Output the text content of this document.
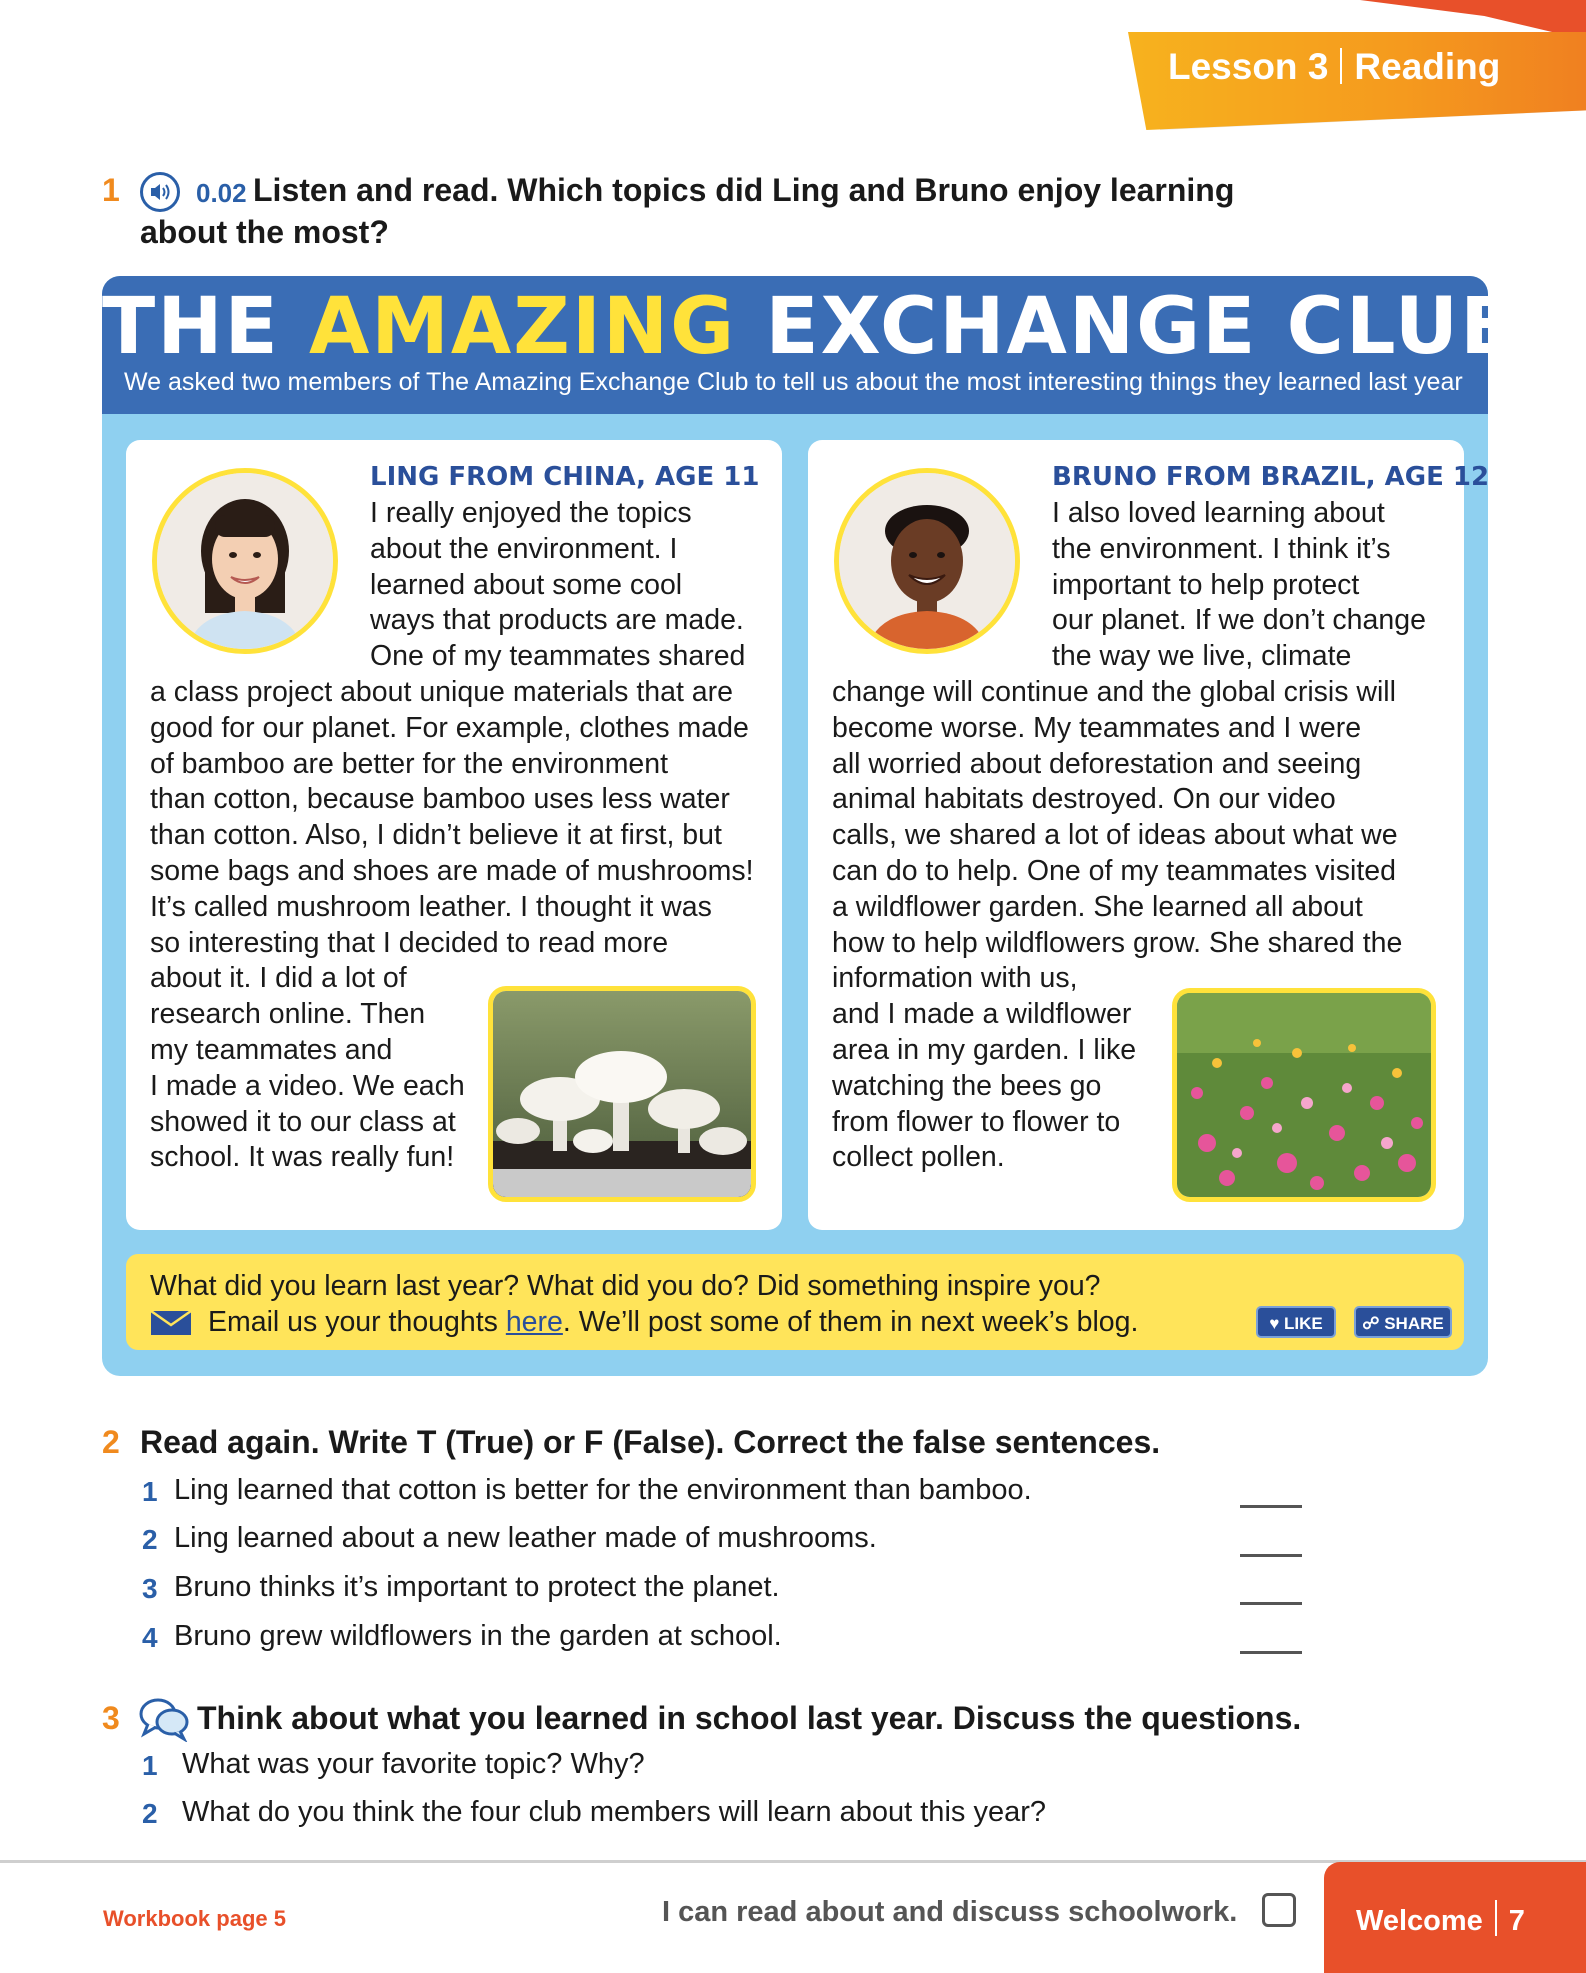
Lesson 3 Reading
1	0.02 Listen and read. Which topics did Ling and Bruno enjoy learning
about the most?
THE AMAZING EXCHANGE CLUB
We asked two members of The Amazing Exchange Club to tell us about the most interesting things they learned last year
LING FROM CHINA, AGE 11
I really enjoyed the topics
about the environment. I
learned about some cool
ways that products are made.
One of my teammates shared
a class project about unique materials that are
good for our planet. For example, clothes made
of bamboo are better for the environment
than cotton, because bamboo uses less water
than cotton. Also, I didn’t believe it at first, but
some bags and shoes are made of mushrooms!
It’s called mushroom leather. I thought it was
so interesting that I decided to read more
about it. I did a lot of
research online. Then
my teammates and
I made a video. We each
showed it to our class at
school. It was really fun!
BRUNO FROM BRAZIL, AGE 12
I also loved learning about
the environment. I think it’s
important to help protect
our planet. If we don’t change
the way we live, climate
change will continue and the global crisis will
become worse. My teammates and I were
all worried about deforestation and seeing
animal habitats destroyed. On our video
calls, we shared a lot of ideas about what we
can do to help. One of my teammates visited
a wildflower garden. She learned all about
how to help wildflowers grow. She shared the
information with us,
and I made a wildflower
area in my garden. I like
watching the bees go
from flower to flower to
collect pollen.
What did you learn last year? What did you do? Did something inspire you?
Email us your thoughts here. We’ll post some of them in next week’s blog.	♥ LIKE	☍ SHARE
2 Read again. Write T (True) or F (False). Correct the false sentences.
1 Ling learned that cotton is better for the environment than bamboo.
2 Ling learned about a new leather made of mushrooms.
3 Bruno thinks it’s important to protect the planet.
4 Bruno grew wildflowers in the garden at school.
3 Think about what you learned in school last year. Discuss the questions.
1 What was your favorite topic? Why?
2 What do you think the four club members will learn about this year?
Workbook page 5	I can read about and discuss schoolwork.	Welcome 7
